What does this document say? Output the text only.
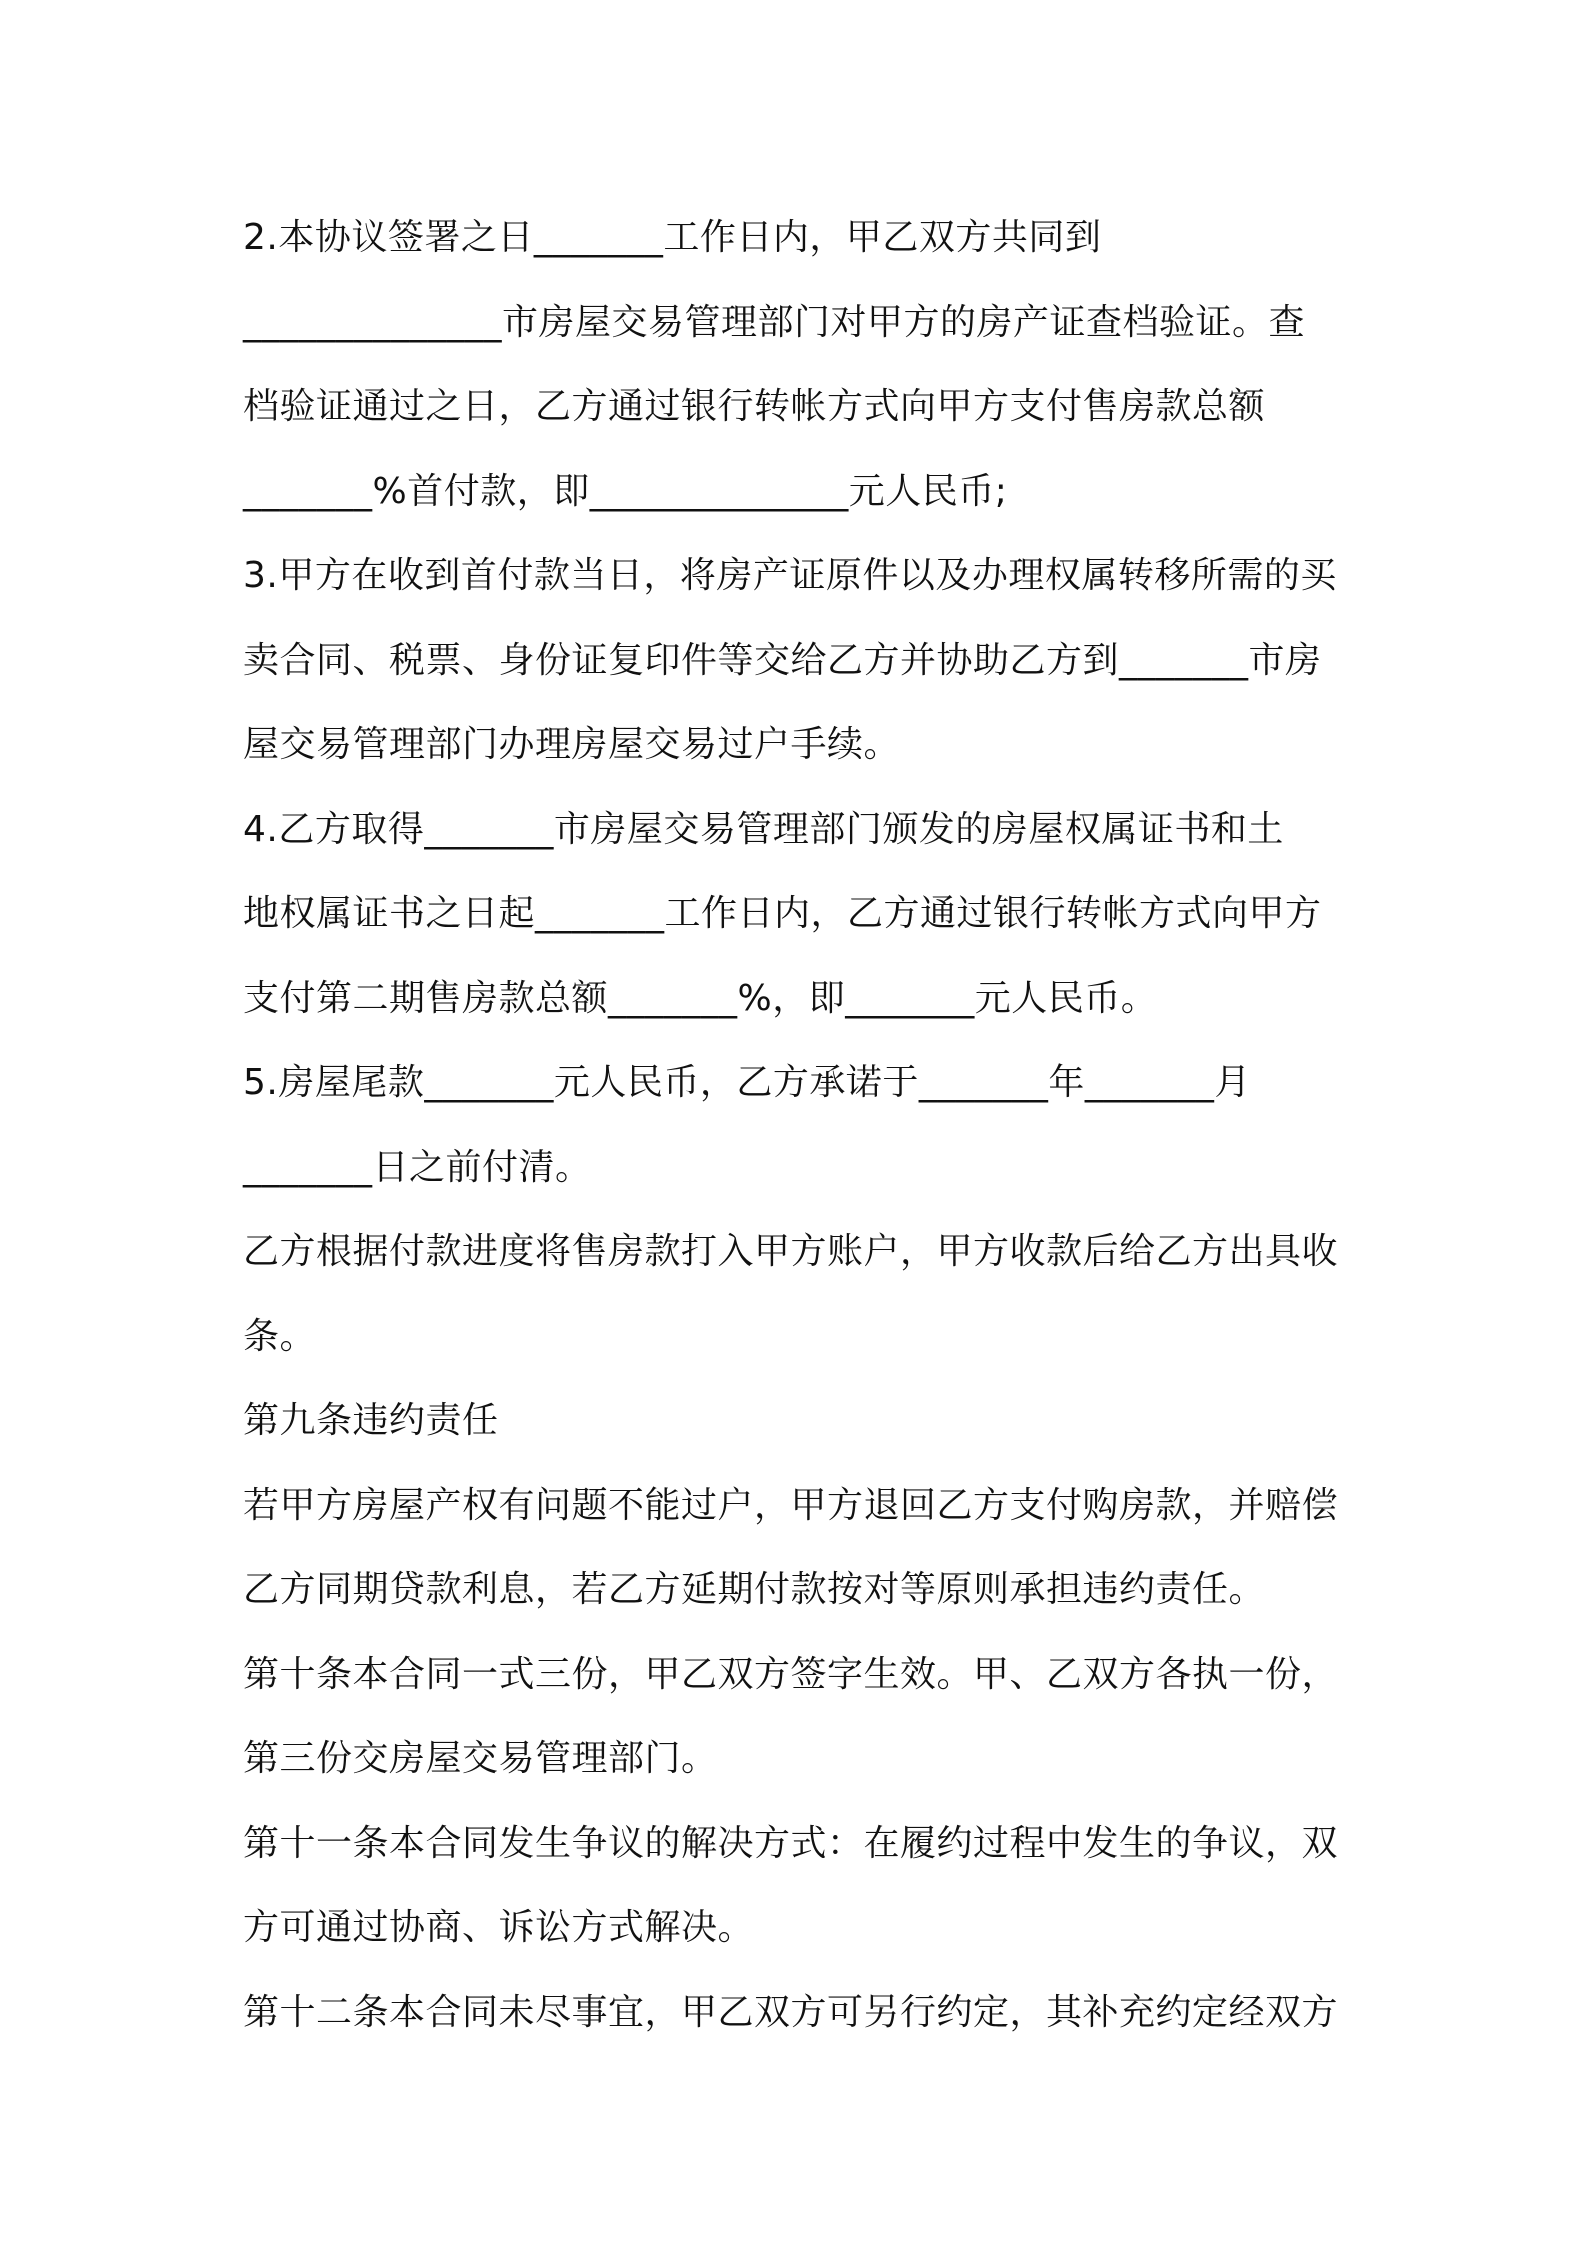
2.本协议签署之日_______工作日内，甲乙双方共同到
______________市房屋交易管理部门对甲方的房产证查档验证。查
档验证通过之日，乙方通过银行转帐方式向甲方支付售房款总额
_______%首付款，即______________元人民币;
3.甲方在收到首付款当日，将房产证原件以及办理权属转移所需的买
卖合同、税票、身份证复印件等交给乙方并协助乙方到_______市房
屋交易管理部门办理房屋交易过户手续。
4.乙方取得_______市房屋交易管理部门颁发的房屋权属证书和土
地权属证书之日起_______工作日内，乙方通过银行转帐方式向甲方
支付第二期售房款总额_______%，即_______元人民币。
5.房屋尾款_______元人民币，乙方承诺于_______年_______月
_______日之前付清。
乙方根据付款进度将售房款打入甲方账户，甲方收款后给乙方出具收
条。
第九条违约责任
若甲方房屋产权有问题不能过户，甲方退回乙方支付购房款，并赔偿
乙方同期贷款利息，若乙方延期付款按对等原则承担违约责任。
第十条本合同一式三份，甲乙双方签字生效。甲、乙双方各执一份，
第三份交房屋交易管理部门。
第十一条本合同发生争议的解决方式：在履约过程中发生的争议，双
方可通过协商、诉讼方式解决。
第十二条本合同未尽事宜，甲乙双方可另行约定，其补充约定经双方
